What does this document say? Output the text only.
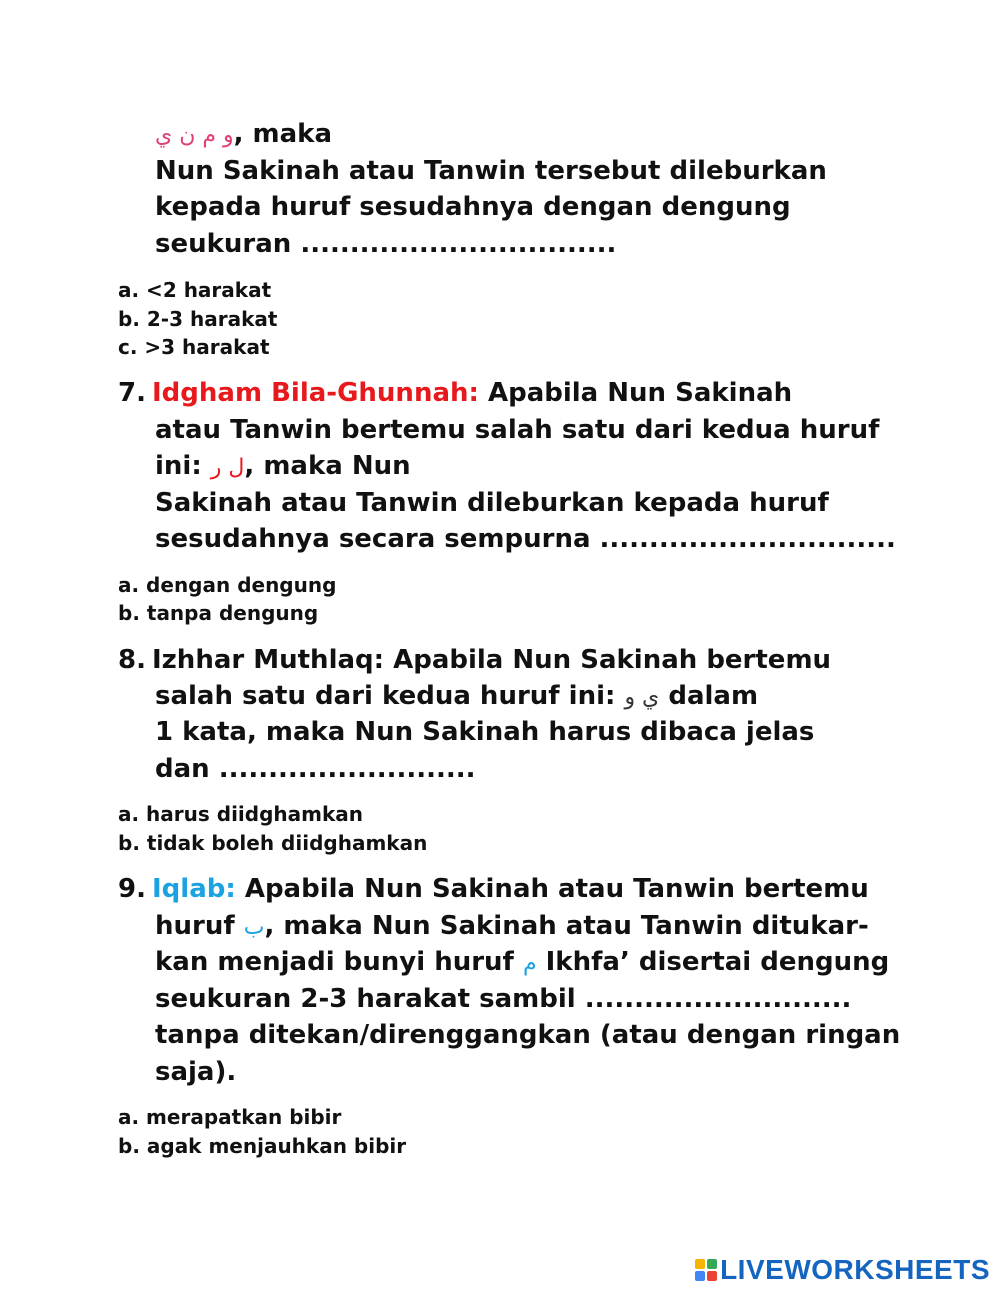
و م ن ي, maka
Nun Sakinah atau Tanwin tersebut dileburkan
kepada huruf sesudahnya dengan dengung
seukuran ................................
a. <2 harakat
b. 2-3 harakat
c. >3 harakat
7. Idgham Bila-Ghunnah: Apabila Nun Sakinah
atau Tanwin bertemu salah satu dari kedua huruf
ini: ل ر, maka Nun
Sakinah atau Tanwin dileburkan kepada huruf
sesudahnya secara sempurna ..............................
a. dengan dengung
b. tanpa dengung
8. Izhhar Muthlaq: Apabila Nun Sakinah bertemu
salah satu dari kedua huruf ini: ي و dalam
1 kata, maka Nun Sakinah harus dibaca jelas
dan ..........................
a. harus diidghamkan
b. tidak boleh diidghamkan
9. Iqlab: Apabila Nun Sakinah atau Tanwin bertemu
huruf ب, maka Nun Sakinah atau Tanwin ditukar-
kan menjadi bunyi huruf م Ikhfa’ disertai dengung
seukuran 2-3 harakat sambil ...........................
tanpa ditekan/direnggangkan (atau dengan ringan
saja).
a. merapatkan bibir
b. agak menjauhkan bibir
LIVEWORKSHEETS
